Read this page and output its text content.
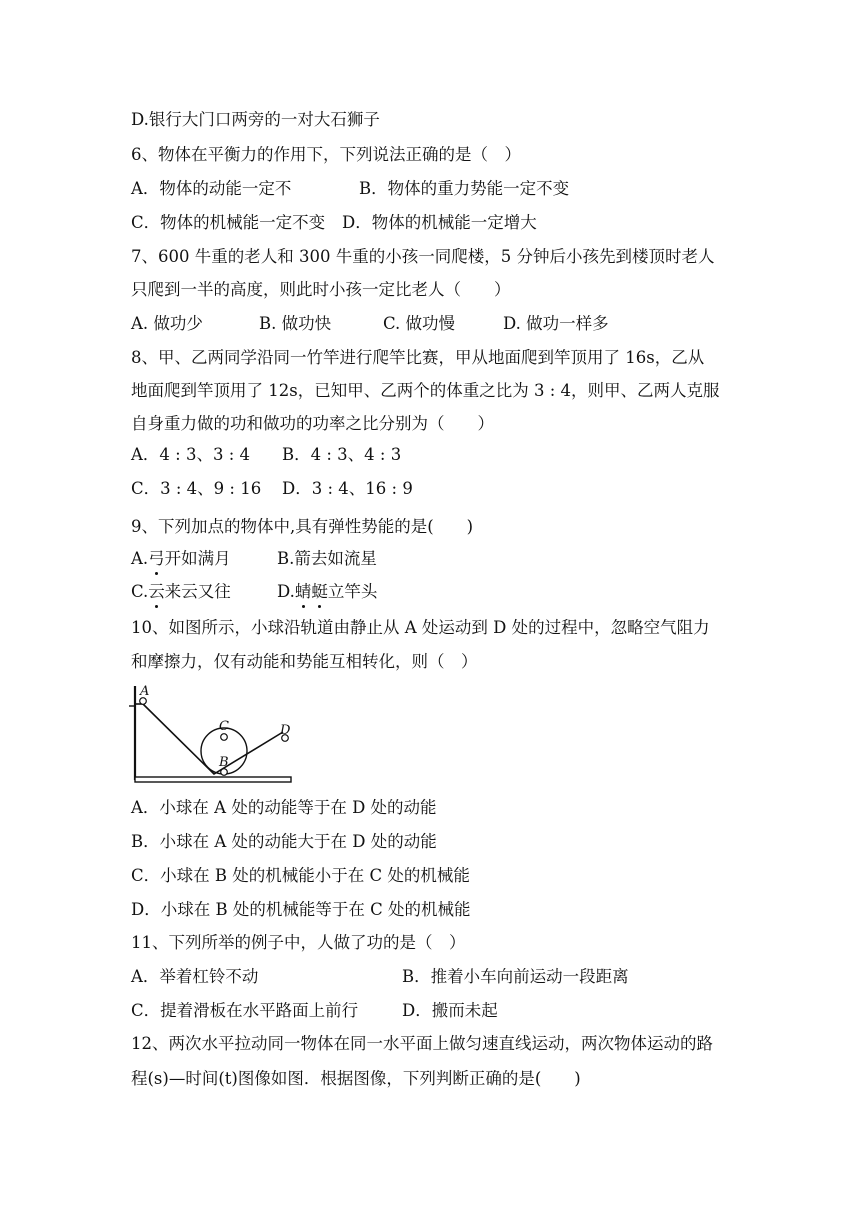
D.银行大门口两旁的一对大石狮子
6、物体在平衡力的作用下，下列说法正确的是（　）
A．物体的动能一定不	B．物体的重力势能一定不变
C．物体的机械能一定不变 D．物体的机械能一定增大
7、600 牛重的老人和 300 牛重的小孩一同爬楼，5 分钟后小孩先到楼顶时老人
只爬到一半的高度，则此时小孩一定比老人（　　）
A. 做功少	B. 做功快	C. 做功慢	D. 做功一样多
8、甲、乙两同学沿同一竹竿进行爬竿比赛，甲从地面爬到竿顶用了 16s，乙从
地面爬到竿顶用了 12s，已知甲、乙两个的体重之比为 3 : 4，则甲、乙两人克服
自身重力做的功和做功的功率之比分别为（　　）
A．4 : 3、3 : 4 B．4 : 3、4 : 3
C．3 : 4、9 : 16 D．3 : 4、16 : 9
9、下列加点的物体中,具有弹性势能的是(　　)
A.弓开如满月	B.箭去如流星
C.云来云又往	D.蜻蜓立竿头
10、如图所示，小球沿轨道由静止从 A 处运动到 D 处的过程中，忽略空气阻力
和摩擦力，仅有动能和势能互相转化，则（　）
A
C
B
D
A．小球在 A 处的动能等于在 D 处的动能
B．小球在 A 处的动能大于在 D 处的动能
C．小球在 B 处的机械能小于在 C 处的机械能
D．小球在 B 处的机械能等于在 C 处的机械能
11、下列所举的例子中，人做了功的是（　）
A．举着杠铃不动	B．推着小车向前运动一段距离
C．提着滑板在水平路面上前行	D．搬而未起
12、两次水平拉动同一物体在同一水平面上做匀速直线运动，两次物体运动的路
程(s)—时间(t)图像如图．根据图像，下列判断正确的是(　　)
